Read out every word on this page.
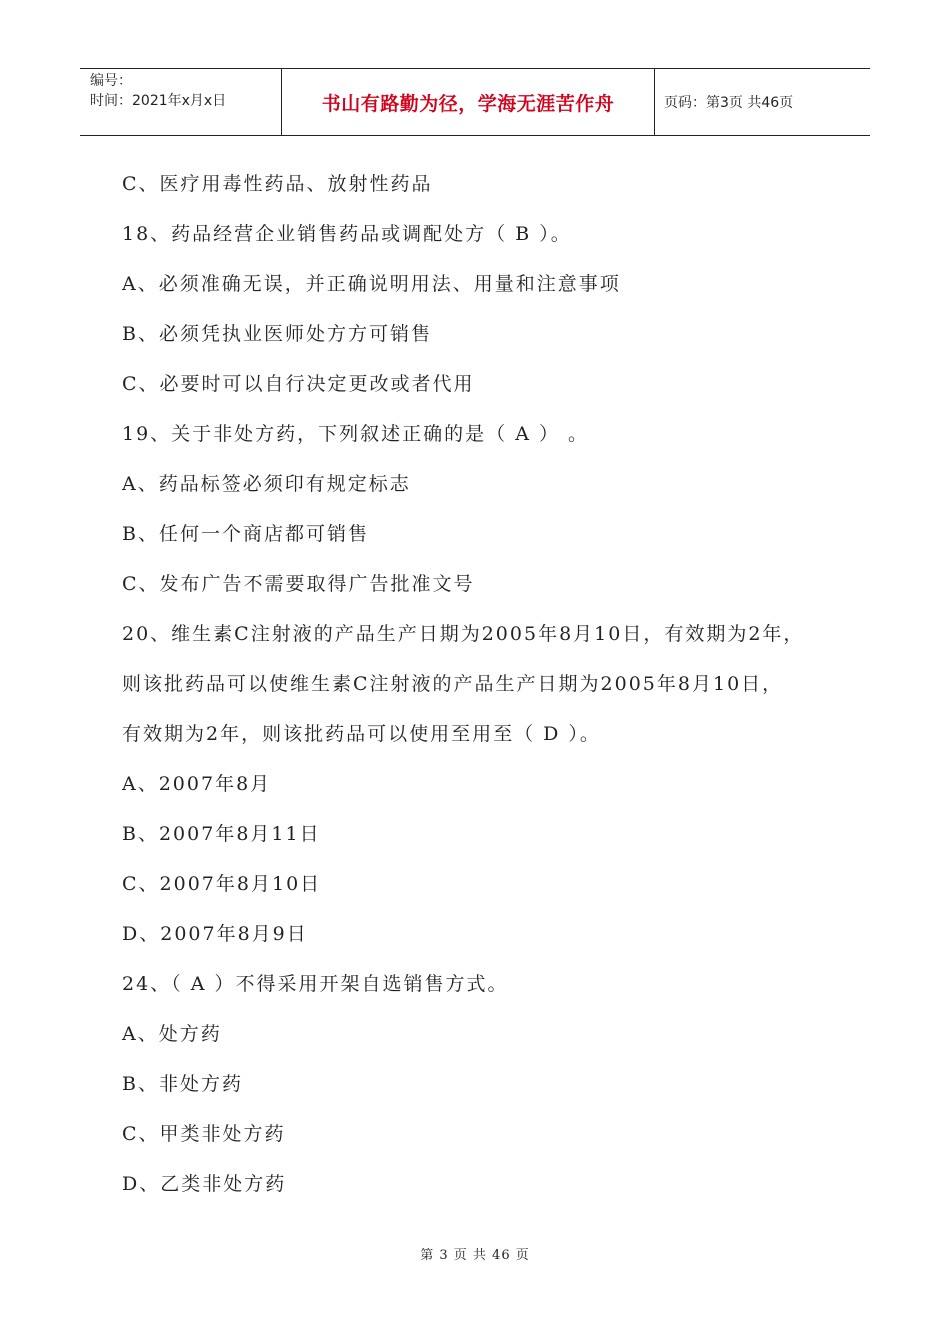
编号：
时间：2021年x月x日	书山有路勤为径，学海无涯苦作舟	页码：第3页 共46页
C、医疗用毒性药品、放射性药品
18、药品经营企业销售药品或调配处方（ B ）。
A、必须准确无误，并正确说明用法、用量和注意事项
B、必须凭执业医师处方方可销售
C、必要时可以自行决定更改或者代用
19、关于非处方药，下列叙述正确的是（ A ） 。
A、药品标签必须印有规定标志
B、任何一个商店都可销售
C、发布广告不需要取得广告批准文号
20、维生素C注射液的产品生产日期为2005年8月10日，有效期为2年，
则该批药品可以使维生素C注射液的产品生产日期为2005年8月10日，
有效期为2年，则该批药品可以使用至用至（ D ）。
A、2007年8月
B、2007年8月11日
C、2007年8月10日
D、2007年8月9日
24、（ A ）不得采用开架自选销售方式。
A、处方药
B、非处方药
C、甲类非处方药
D、乙类非处方药
第 3 页 共 46 页
